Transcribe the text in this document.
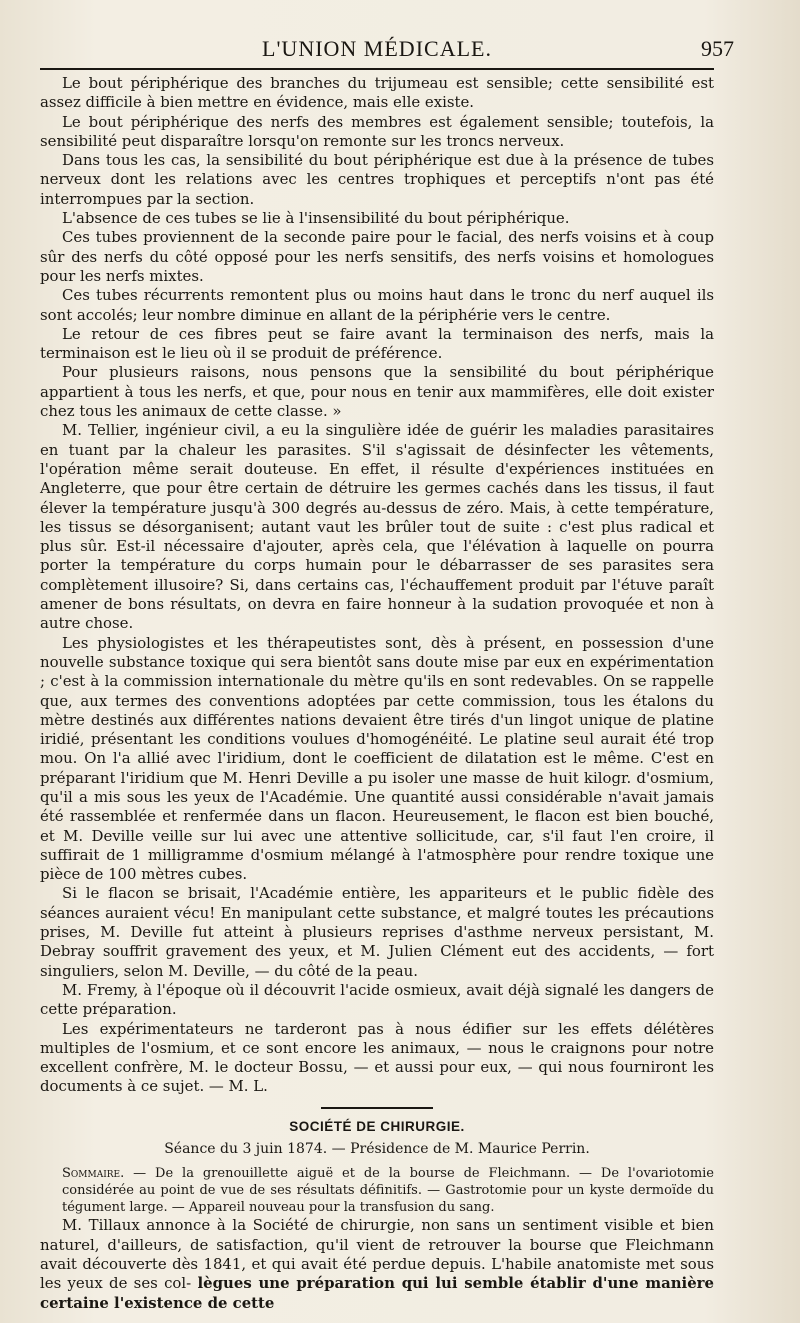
L'UNION MÉDICALE.	957

Le bout périphérique des branches du trijumeau est sensible; cette sensibilité est assez difficile à bien mettre en évidence, mais elle existe.

Le bout périphérique des nerfs des membres est également sensible; toutefois, la sensibilité peut disparaître lorsqu'on remonte sur les troncs nerveux.

Dans tous les cas, la sensibilité du bout périphérique est due à la présence de tubes nerveux dont les relations avec les centres trophiques et perceptifs n'ont pas été interrompues par la section.

L'absence de ces tubes se lie à l'insensibilité du bout périphérique.

Ces tubes proviennent de la seconde paire pour le facial, des nerfs voisins et à coup sûr des nerfs du côté opposé pour les nerfs sensitifs, des nerfs voisins et homologues pour les nerfs mixtes.

Ces tubes récurrents remontent plus ou moins haut dans le tronc du nerf auquel ils sont accolés; leur nombre diminue en allant de la périphérie vers le centre.

Le retour de ces fibres peut se faire avant la terminaison des nerfs, mais la terminaison est le lieu où il se produit de préférence.

Pour plusieurs raisons, nous pensons que la sensibilité du bout périphérique appartient à tous les nerfs, et que, pour nous en tenir aux mammifères, elle doit exister chez tous les animaux de cette classe. »

M. Tellier, ingénieur civil, a eu la singulière idée de guérir les maladies parasitaires en tuant par la chaleur les parasites. S'il s'agissait de désinfecter les vêtements, l'opération même serait douteuse. En effet, il résulte d'expériences instituées en Angleterre, que pour être certain de détruire les germes cachés dans les tissus, il faut élever la température jusqu'à 300 degrés au-dessus de zéro. Mais, à cette température, les tissus se désorganisent; autant vaut les brûler tout de suite : c'est plus radical et plus sûr. Est-il nécessaire d'ajouter, après cela, que l'élévation à laquelle on pourra porter la température du corps humain pour le débarrasser de ses parasites sera complètement illusoire? Si, dans certains cas, l'échauffement produit par l'étuve paraît amener de bons résultats, on devra en faire honneur à la sudation provoquée et non à autre chose.

Les physiologistes et les thérapeutistes sont, dès à présent, en possession d'une nouvelle substance toxique qui sera bientôt sans doute mise par eux en expérimentation ; c'est à la commission internationale du mètre qu'ils en sont redevables. On se rappelle que, aux termes des conventions adoptées par cette commission, tous les étalons du mètre destinés aux différentes nations devaient être tirés d'un lingot unique de platine iridié, présentant les conditions voulues d'homogénéité. Le platine seul aurait été trop mou. On l'a allié avec l'iridium, dont le coefficient de dilatation est le même. C'est en préparant l'iridium que M. Henri Deville a pu isoler une masse de huit kilogr. d'osmium, qu'il a mis sous les yeux de l'Académie. Une quantité aussi considérable n'avait jamais été rassemblée et renfermée dans un flacon. Heureusement, le flacon est bien bouché, et M. Deville veille sur lui avec une attentive sollicitude, car, s'il faut l'en croire, il suffirait de 1 milligramme d'osmium mélangé à l'atmosphère pour rendre toxique une pièce de 100 mètres cubes.

Si le flacon se brisait, l'Académie entière, les appariteurs et le public fidèle des séances auraient vécu! En manipulant cette substance, et malgré toutes les précautions prises, M. Deville fut atteint à plusieurs reprises d'asthme nerveux persistant, M. Debray souffrit gravement des yeux, et M. Julien Clément eut des accidents, — fort singuliers, selon M. Deville, — du côté de la peau.

M. Fremy, à l'époque où il découvrit l'acide osmieux, avait déjà signalé les dangers de cette préparation.

Les expérimentateurs ne tarderont pas à nous édifier sur les effets délétères multiples de l'osmium, et ce sont encore les animaux, — nous le craignons pour notre excellent confrère, M. le docteur Bossu, — et aussi pour eux, — qui nous fourniront les documents à ce sujet. — M. L.

SOCIÉTÉ DE CHIRURGIE.
Séance du 3 juin 1874. — Présidence de M. Maurice Perrin.

Sommaire. — De la grenouillette aiguë et de la bourse de Fleichmann. — De l'ovariotomie considérée au point de vue de ses résultats définitifs. — Gastrotomie pour un kyste dermoïde du tégument large. — Appareil nouveau pour la transfusion du sang.

M. Tillaux annonce à la Société de chirurgie, non sans un sentiment visible et bien naturel, d'ailleurs, de satisfaction, qu'il vient de retrouver la bourse que Fleichmann avait découverte dès 1841, et qui avait été perdue depuis. L'habile anatomiste met sous les yeux de ses col- lègues une préparation qui lui semble établir d'une manière certaine l'existence de cette
